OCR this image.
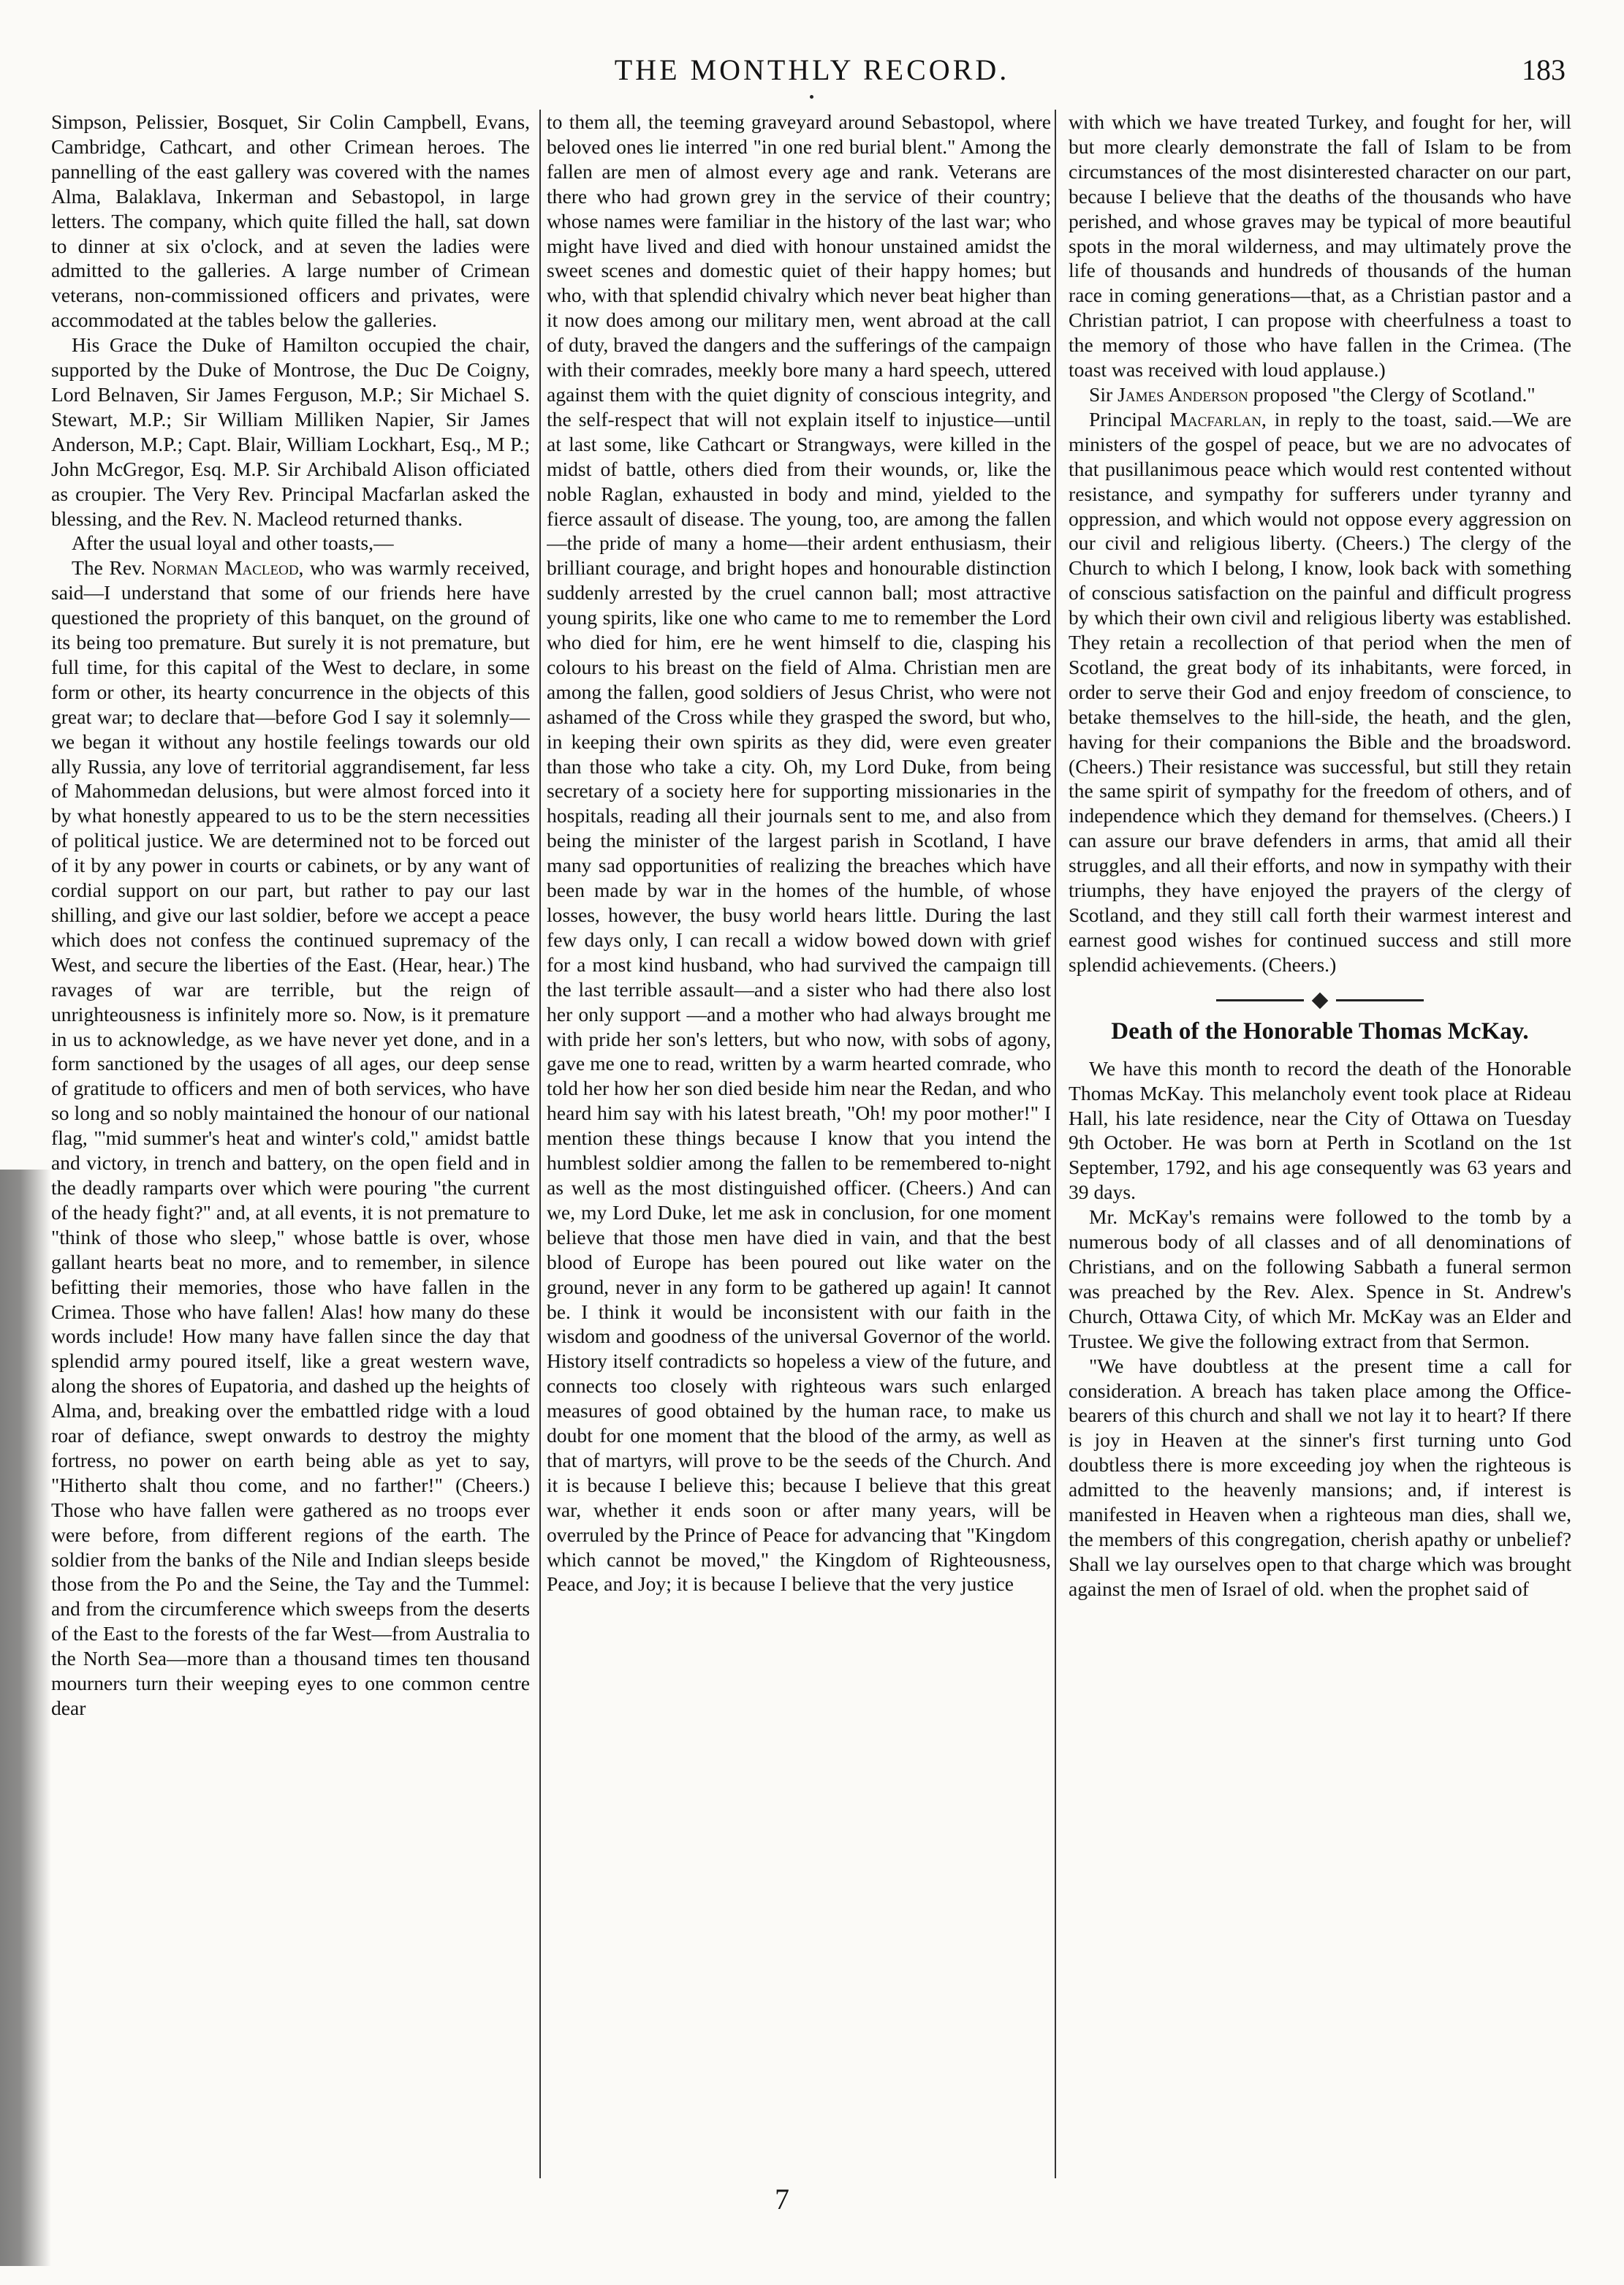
THE MONTHLY RECORD.	183

Simpson, Pelissier, Bosquet, Sir Colin Campbell, Evans, Cambridge, Cathcart, and other Crimean heroes. The pannelling of the east gallery was covered with the names Alma, Balaklava, Inkerman and Sebastopol, in large letters. The company, which quite filled the hall, sat down to dinner at six o'clock, and at seven the ladies were admitted to the galleries. A large number of Crimean veterans, non-commissioned officers and privates, were accommodated at the tables below the galleries.

His Grace the Duke of Hamilton occupied the chair, supported by the Duke of Montrose, the Duc De Coigny, Lord Belnaven, Sir James Ferguson, M.P.; Sir Michael S. Stewart, M.P.; Sir William Milliken Napier, Sir James Anderson, M.P.; Capt. Blair, William Lockhart, Esq., M P.; John McGregor, Esq. M.P. Sir Archibald Alison officiated as croupier. The Very Rev. Principal Macfarlan asked the blessing, and the Rev. N. Macleod returned thanks.

After the usual loyal and other toasts,—

The Rev. Norman Macleod, who was warmly received, said—I understand that some of our friends here have questioned the propriety of this banquet, on the ground of its being too premature. But surely it is not premature, but full time, for this capital of the West to declare, in some form or other, its hearty concurrence in the objects of this great war; to declare that—before God I say it solemnly—we began it without any hostile feelings towards our old ally Russia, any love of territorial aggrandisement, far less of Mahommedan delusions, but were almost forced into it by what honestly appeared to us to be the stern necessities of political justice. We are determined not to be forced out of it by any power in courts or cabinets, or by any want of cordial support on our part, but rather to pay our last shilling, and give our last soldier, before we accept a peace which does not confess the continued supremacy of the West, and secure the liberties of the East. (Hear, hear.) The ravages of war are terrible, but the reign of unrighteousness is infinitely more so. Now, is it premature in us to acknowledge, as we have never yet done, and in a form sanctioned by the usages of all ages, our deep sense of gratitude to officers and men of both services, who have so long and so nobly maintained the honour of our national flag, "'mid summer's heat and winter's cold," amidst battle and victory, in trench and battery, on the open field and in the deadly ramparts over which were pouring "the current of the heady fight?" and, at all events, it is not premature to "think of those who sleep," whose battle is over, whose gallant hearts beat no more, and to remember, in silence befitting their memories, those who have fallen in the Crimea. Those who have fallen! Alas! how many do these words include! How many have fallen since the day that splendid army poured itself, like a great western wave, along the shores of Eupatoria, and dashed up the heights of Alma, and, breaking over the embattled ridge with a loud roar of defiance, swept onwards to destroy the mighty fortress, no power on earth being able as yet to say, "Hitherto shalt thou come, and no farther!" (Cheers.) Those who have fallen were gathered as no troops ever were before, from different regions of the earth. The soldier from the banks of the Nile and Indian sleeps beside those from the Po and the Seine, the Tay and the Tummel: and from the circumference which sweeps from the deserts of the East to the forests of the far West—from Australia to the North Sea—more than a thousand times ten thousand mourners turn their weeping eyes to one common centre dear

to them all, the teeming graveyard around Sebastopol, where beloved ones lie interred "in one red burial blent." Among the fallen are men of almost every age and rank. Veterans are there who had grown grey in the service of their country; whose names were familiar in the history of the last war; who might have lived and died with honour unstained amidst the sweet scenes and domestic quiet of their happy homes; but who, with that splendid chivalry which never beat higher than it now does among our military men, went abroad at the call of duty, braved the dangers and the sufferings of the campaign with their comrades, meekly bore many a hard speech, uttered against them with the quiet dignity of conscious integrity, and the self-respect that will not explain itself to injustice—until at last some, like Cathcart or Strangways, were killed in the midst of battle, others died from their wounds, or, like the noble Raglan, exhausted in body and mind, yielded to the fierce assault of disease. The young, too, are among the fallen—the pride of many a home—their ardent enthusiasm, their brilliant courage, and bright hopes and honourable distinction suddenly arrested by the cruel cannon ball; most attractive young spirits, like one who came to me to remember the Lord who died for him, ere he went himself to die, clasping his colours to his breast on the field of Alma. Christian men are among the fallen, good soldiers of Jesus Christ, who were not ashamed of the Cross while they grasped the sword, but who, in keeping their own spirits as they did, were even greater than those who take a city. Oh, my Lord Duke, from being secretary of a society here for supporting missionaries in the hospitals, reading all their journals sent to me, and also from being the minister of the largest parish in Scotland, I have many sad opportunities of realizing the breaches which have been made by war in the homes of the humble, of whose losses, however, the busy world hears little. During the last few days only, I can recall a widow bowed down with grief for a most kind husband, who had survived the campaign till the last terrible assault—and a sister who had there also lost her only support —and a mother who had always brought me with pride her son's letters, but who now, with sobs of agony, gave me one to read, written by a warm hearted comrade, who told her how her son died beside him near the Redan, and who heard him say with his latest breath, "Oh! my poor mother!" I mention these things because I know that you intend the humblest soldier among the fallen to be remembered to-night as well as the most distinguished officer. (Cheers.) And can we, my Lord Duke, let me ask in conclusion, for one moment believe that those men have died in vain, and that the best blood of Europe has been poured out like water on the ground, never in any form to be gathered up again! It cannot be. I think it would be inconsistent with our faith in the wisdom and goodness of the universal Governor of the world. History itself contradicts so hopeless a view of the future, and connects too closely with righteous wars such enlarged measures of good obtained by the human race, to make us doubt for one moment that the blood of the army, as well as that of martyrs, will prove to be the seeds of the Church. And it is because I believe this; because I believe that this great war, whether it ends soon or after many years, will be overruled by the Prince of Peace for advancing that "Kingdom which cannot be moved," the Kingdom of Righteousness, Peace, and Joy; it is because I believe that the very justice

with which we have treated Turkey, and fought for her, will but more clearly demonstrate the fall of Islam to be from circumstances of the most disinterested character on our part, because I believe that the deaths of the thousands who have perished, and whose graves may be typical of more beautiful spots in the moral wilderness, and may ultimately prove the life of thousands and hundreds of thousands of the human race in coming generations—that, as a Christian pastor and a Christian patriot, I can propose with cheerfulness a toast to the memory of those who have fallen in the Crimea. (The toast was received with loud applause.)

Sir James Anderson proposed "the Clergy of Scotland."

Principal Macfarlan, in reply to the toast, said.—We are ministers of the gospel of peace, but we are no advocates of that pusillanimous peace which would rest contented without resistance, and sympathy for sufferers under tyranny and oppression, and which would not oppose every aggression on our civil and religious liberty. (Cheers.) The clergy of the Church to which I belong, I know, look back with something of conscious satisfaction on the painful and difficult progress by which their own civil and religious liberty was established. They retain a recollection of that period when the men of Scotland, the great body of its inhabitants, were forced, in order to serve their God and enjoy freedom of conscience, to betake themselves to the hill-side, the heath, and the glen, having for their companions the Bible and the broadsword. (Cheers.) Their resistance was successful, but still they retain the same spirit of sympathy for the freedom of others, and of independence which they demand for themselves. (Cheers.) I can assure our brave defenders in arms, that amid all their struggles, and all their efforts, and now in sympathy with their triumphs, they have enjoyed the prayers of the clergy of Scotland, and they still call forth their warmest interest and earnest good wishes for continued success and still more splendid achievements. (Cheers.)

Death of the Honorable Thomas McKay.

We have this month to record the death of the Honorable Thomas McKay. This melancholy event took place at Rideau Hall, his late residence, near the City of Ottawa on Tuesday 9th October. He was born at Perth in Scotland on the 1st September, 1792, and his age consequently was 63 years and 39 days.

Mr. McKay's remains were followed to the tomb by a numerous body of all classes and of all denominations of Christians, and on the following Sabbath a funeral sermon was preached by the Rev. Alex. Spence in St. Andrew's Church, Ottawa City, of which Mr. McKay was an Elder and Trustee. We give the following extract from that Sermon.

"We have doubtless at the present time a call for consideration. A breach has taken place among the Office-bearers of this church and shall we not lay it to heart? If there is joy in Heaven at the sinner's first turning unto God doubtless there is more exceeding joy when the righteous is admitted to the heavenly mansions; and, if interest is manifested in Heaven when a righteous man dies, shall we, the members of this congregation, cherish apathy or unbelief? Shall we lay ourselves open to that charge which was brought against the men of Israel of old. when the prophet said of

7
